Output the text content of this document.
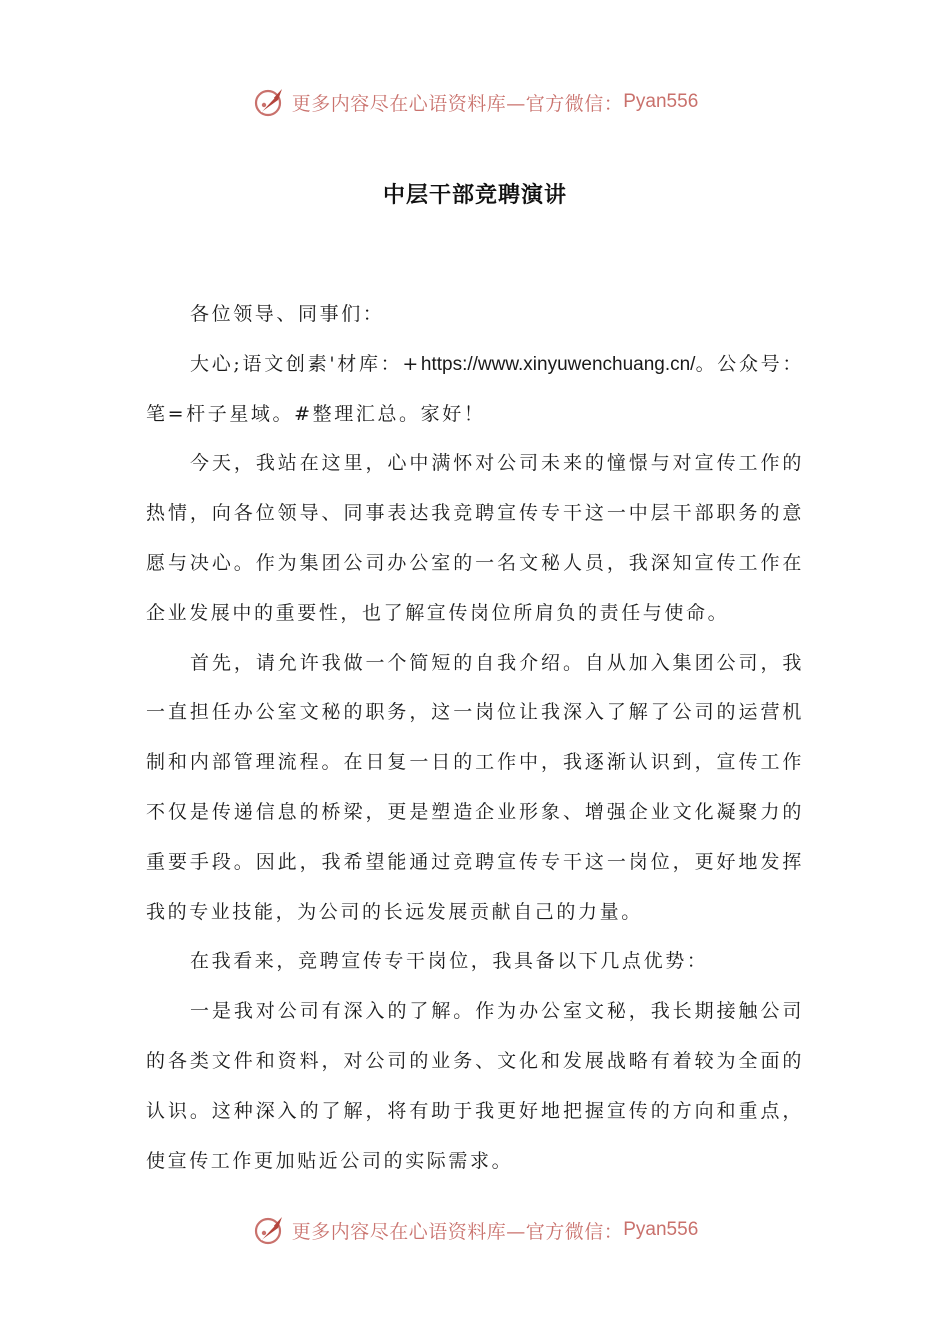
更多内容尽在心语资料库—官方微信： Pyan556
中层干部竞聘演讲

各位领导、同事们：

大心;语文创素'材库：+https://www.xinyuwenchuang.cn/。公众号：笔=杆子星域。#整理汇总。家好！

今天，我站在这里，心中满怀对公司未来的憧憬与对宣传工作的热情，向各位领导、同事表达我竞聘宣传专干这一中层干部职务的意愿与决心。作为集团公司办公室的一名文秘人员，我深知宣传工作在企业发展中的重要性，也了解宣传岗位所肩负的责任与使命。

首先，请允许我做一个简短的自我介绍。自从加入集团公司，我一直担任办公室文秘的职务，这一岗位让我深入了解了公司的运营机制和内部管理流程。在日复一日的工作中，我逐渐认识到，宣传工作不仅是传递信息的桥梁，更是塑造企业形象、增强企业文化凝聚力的重要手段。因此，我希望能通过竞聘宣传专干这一岗位，更好地发挥我的专业技能，为公司的长远发展贡献自己的力量。

在我看来，竞聘宣传专干岗位，我具备以下几点优势：

一是我对公司有深入的了解。作为办公室文秘，我长期接触公司的各类文件和资料，对公司的业务、文化和发展战略有着较为全面的认识。这种深入的了解，将有助于我更好地把握宣传的方向和重点，使宣传工作更加贴近公司的实际需求。

更多内容尽在心语资料库—官方微信： Pyan556
